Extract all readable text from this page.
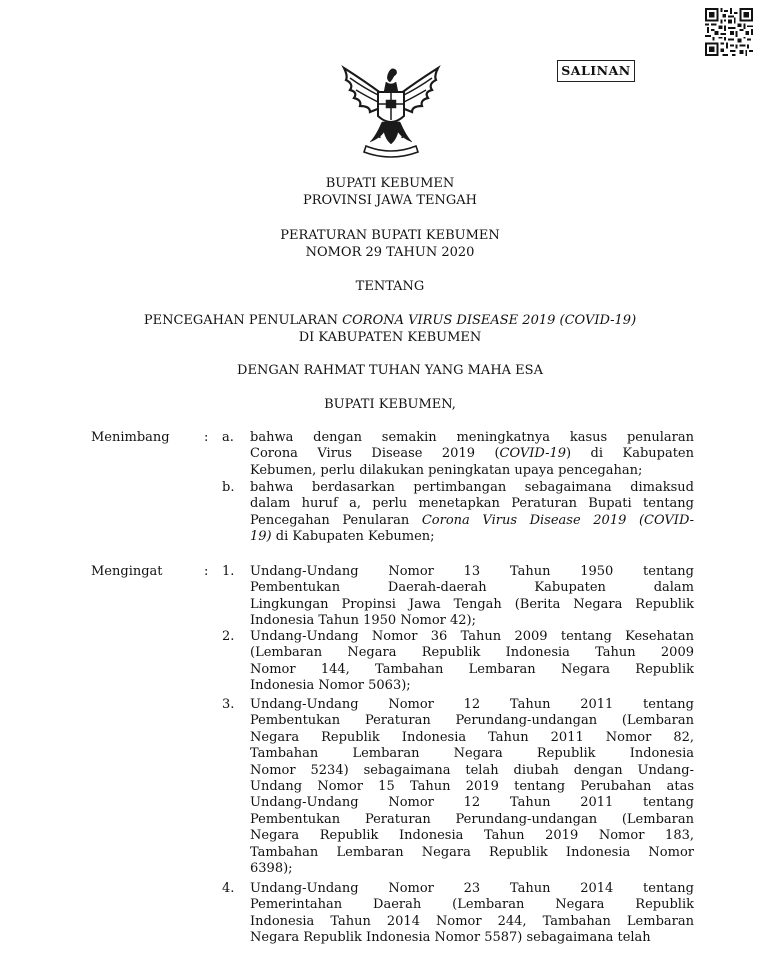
SALINAN
BUPATI KEBUMEN
PROVINSI JAWA TENGAH
PERATURAN BUPATI KEBUMEN
NOMOR 29 TAHUN 2020
TENTANG
PENCEGAHAN PENULARAN CORONA VIRUS DISEASE 2019 (COVID-19)
DI KABUPATEN KEBUMEN
DENGAN RAHMAT TUHAN YANG MAHA ESA
BUPATI KEBUMEN,
Menimbang	: a. bahwa dengan semakin meningkatnya kasus penularan
Corona Virus Disease 2019 (COVID-19) di Kabupaten
Kebumen, perlu dilakukan peningkatan upaya pencegahan;
b. bahwa berdasarkan pertimbangan sebagaimana dimaksud
dalam huruf a, perlu menetapkan Peraturan Bupati tentang
Pencegahan Penularan Corona Virus Disease 2019 (COVID-
19) di Kabupaten Kebumen;
Mengingat	: 1. Undang-Undang Nomor 13 Tahun 1950 tentang
Pembentukan Daerah-daerah Kabupaten dalam
Lingkungan Propinsi Jawa Tengah (Berita Negara Republik
Indonesia Tahun 1950 Nomor 42);
2. Undang-Undang Nomor 36 Tahun 2009 tentang Kesehatan
(Lembaran Negara Republik Indonesia Tahun 2009
Nomor 144, Tambahan Lembaran Negara Republik
Indonesia Nomor 5063);
3. Undang-Undang Nomor 12 Tahun 2011 tentang
Pembentukan Peraturan Perundang-undangan (Lembaran
Negara Republik Indonesia Tahun 2011 Nomor 82,
Tambahan Lembaran Negara Republik Indonesia
Nomor 5234) sebagaimana telah diubah dengan Undang-
Undang Nomor 15 Tahun 2019 tentang Perubahan atas
Undang-Undang Nomor 12 Tahun 2011 tentang
Pembentukan Peraturan Perundang-undangan (Lembaran
Negara Republik Indonesia Tahun 2019 Nomor 183,
Tambahan Lembaran Negara Republik Indonesia Nomor
6398);
4. Undang-Undang Nomor 23 Tahun 2014 tentang
Pemerintahan Daerah (Lembaran Negara Republik
Indonesia Tahun 2014 Nomor 244, Tambahan Lembaran
Negara Republik Indonesia Nomor 5587) sebagaimana telah
